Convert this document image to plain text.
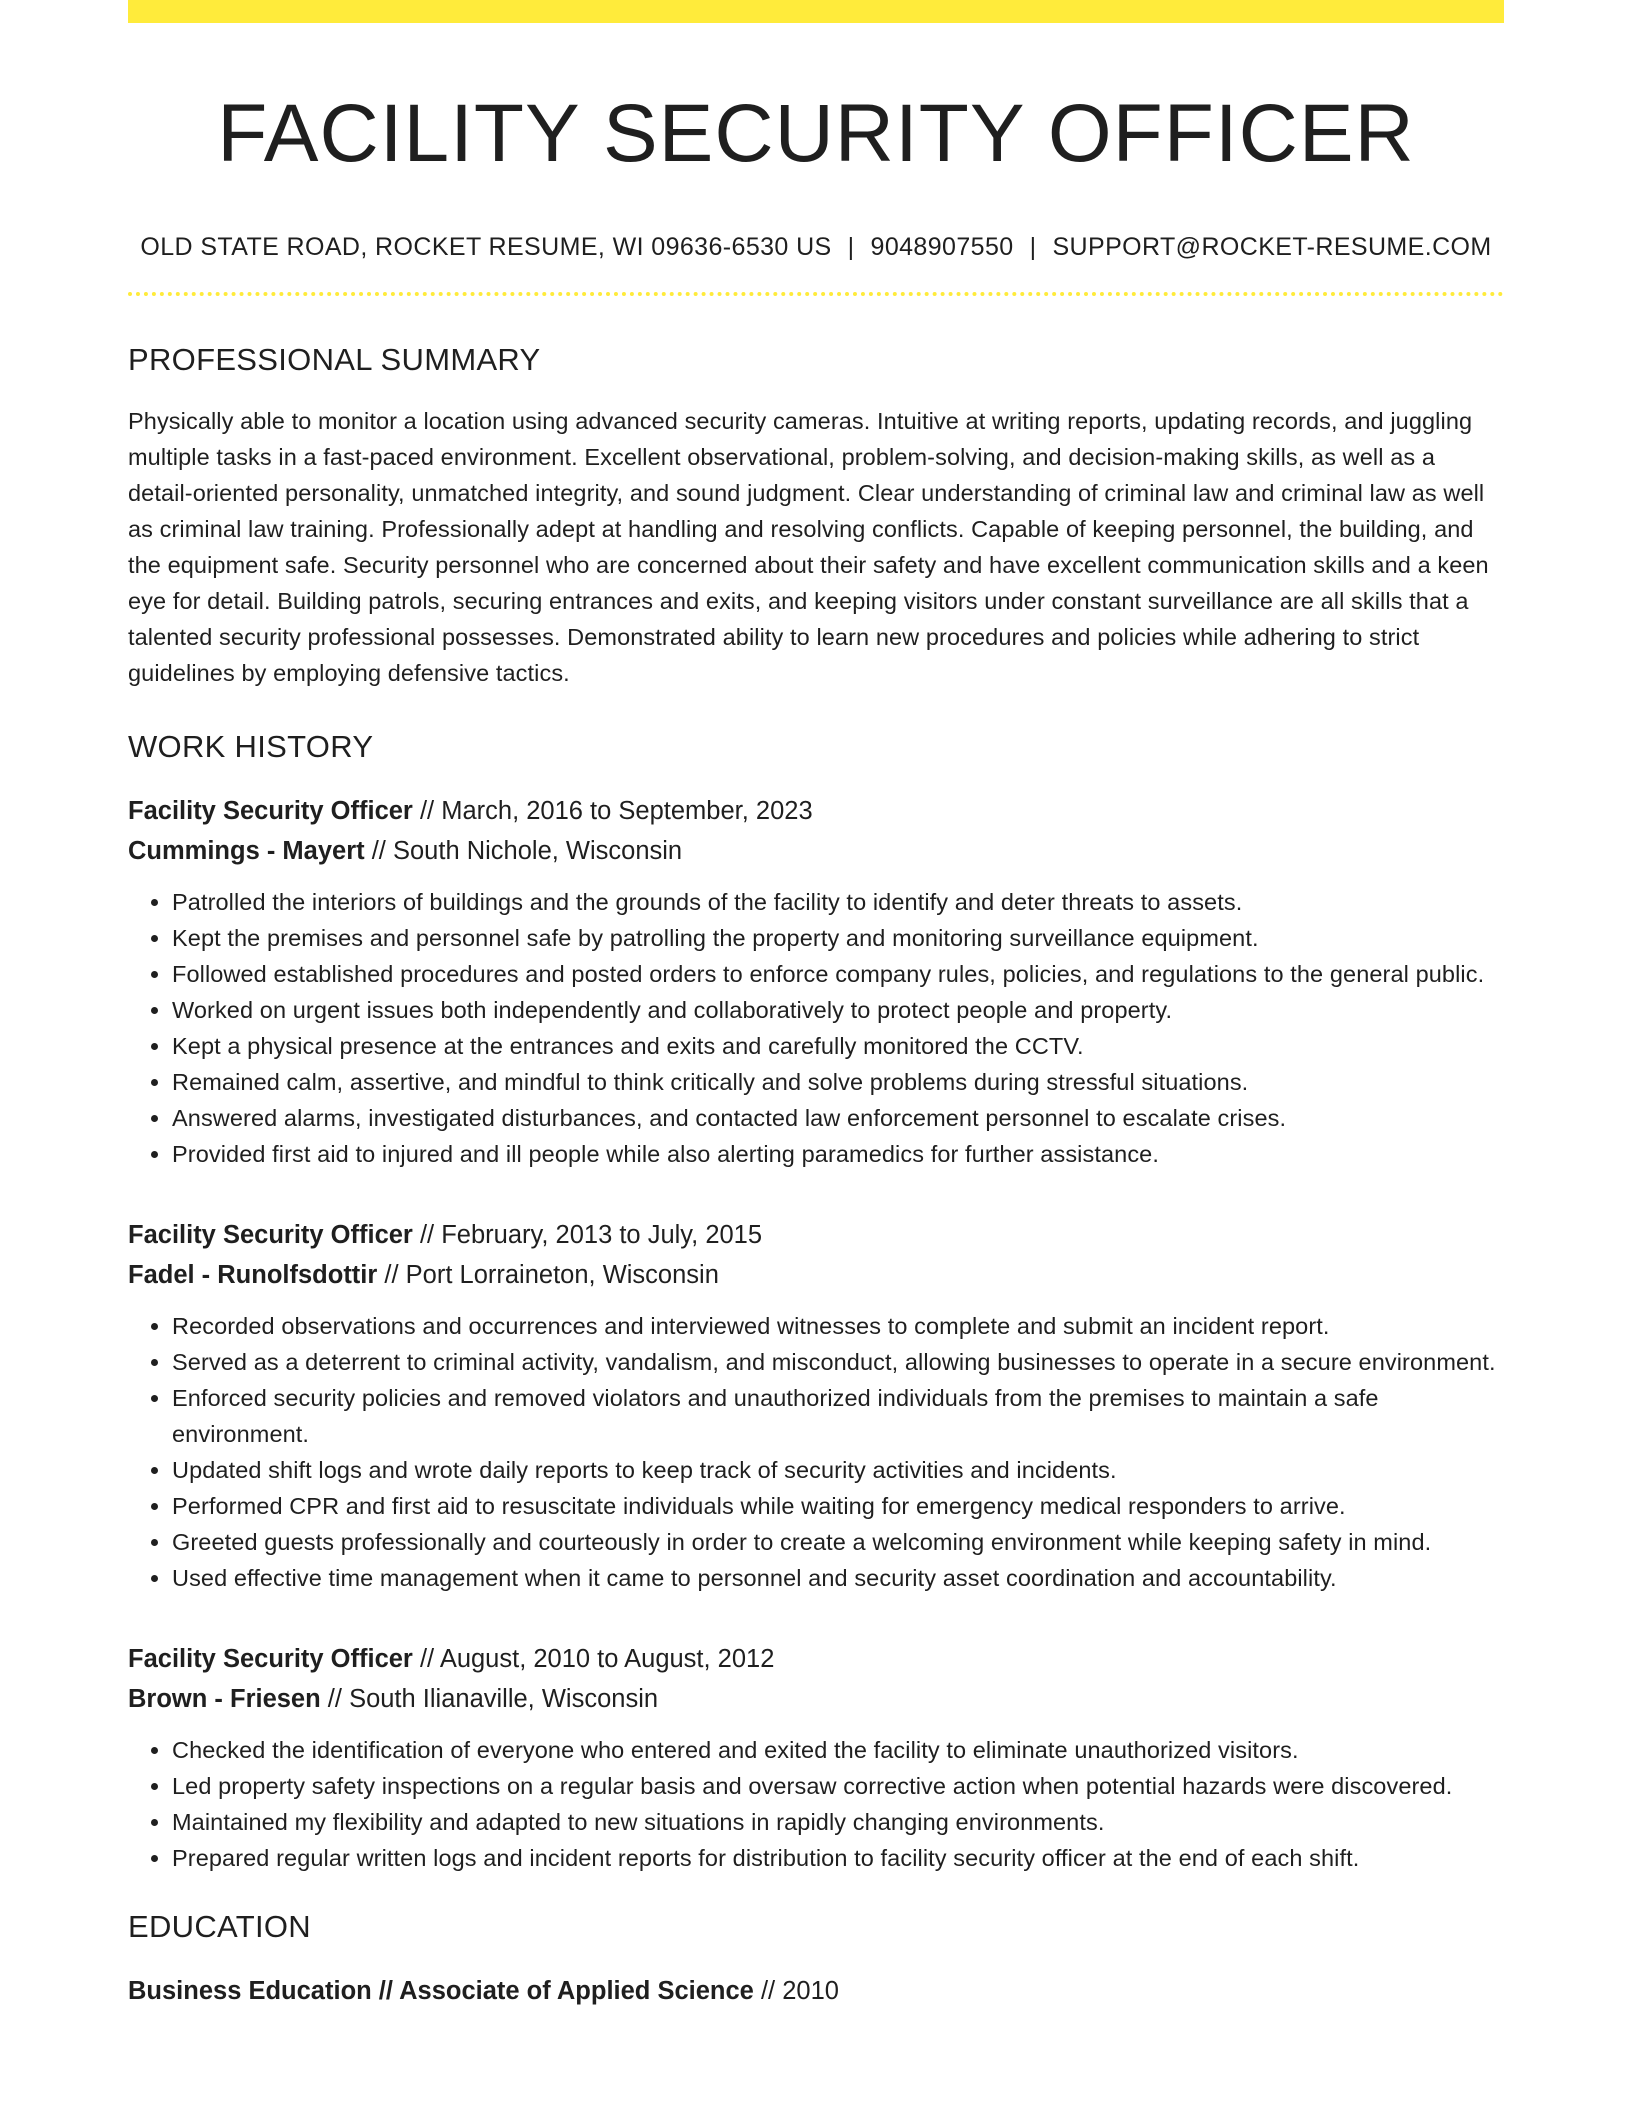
FACILITY SECURITY OFFICER
OLD STATE ROAD, ROCKET RESUME, WI 09636-6530 US | 9048907550 | SUPPORT@ROCKET-RESUME.COM
PROFESSIONAL SUMMARY

Physically able to monitor a location using advanced security cameras. Intuitive at writing reports, updating records, and juggling multiple tasks in a fast-paced environment. Excellent observational, problem-solving, and decision-making skills, as well as a detail-oriented personality, unmatched integrity, and sound judgment. Clear understanding of criminal law and criminal law as well as criminal law training. Professionally adept at handling and resolving conflicts. Capable of keeping personnel, the building, and the equipment safe. Security personnel who are concerned about their safety and have excellent communication skills and a keen eye for detail. Building patrols, securing entrances and exits, and keeping visitors under constant surveillance are all skills that a talented security professional possesses. Demonstrated ability to learn new procedures and policies while adhering to strict guidelines by employing defensive tactics.

WORK HISTORY
Facility Security Officer // March, 2016 to September, 2023
Cummings - Mayert // South Nichole, Wisconsin
• Patrolled the interiors of buildings and the grounds of the facility to identify and deter threats to assets.
• Kept the premises and personnel safe by patrolling the property and monitoring surveillance equipment.
• Followed established procedures and posted orders to enforce company rules, policies, and regulations to the general public.
• Worked on urgent issues both independently and collaboratively to protect people and property.
• Kept a physical presence at the entrances and exits and carefully monitored the CCTV.
• Remained calm, assertive, and mindful to think critically and solve problems during stressful situations.
• Answered alarms, investigated disturbances, and contacted law enforcement personnel to escalate crises.
• Provided first aid to injured and ill people while also alerting paramedics for further assistance.
Facility Security Officer // February, 2013 to July, 2015
Fadel - Runolfsdottir // Port Lorraineton, Wisconsin
• Recorded observations and occurrences and interviewed witnesses to complete and submit an incident report.
• Served as a deterrent to criminal activity, vandalism, and misconduct, allowing businesses to operate in a secure environment.
• Enforced security policies and removed violators and unauthorized individuals from the premises to maintain a safe environment.
• Updated shift logs and wrote daily reports to keep track of security activities and incidents.
• Performed CPR and first aid to resuscitate individuals while waiting for emergency medical responders to arrive.
• Greeted guests professionally and courteously in order to create a welcoming environment while keeping safety in mind.
• Used effective time management when it came to personnel and security asset coordination and accountability.
Facility Security Officer // August, 2010 to August, 2012
Brown - Friesen // South Ilianaville, Wisconsin
• Checked the identification of everyone who entered and exited the facility to eliminate unauthorized visitors.
• Led property safety inspections on a regular basis and oversaw corrective action when potential hazards were discovered.
• Maintained my flexibility and adapted to new situations in rapidly changing environments.
• Prepared regular written logs and incident reports for distribution to facility security officer at the end of each shift.
EDUCATION
Business Education // Associate of Applied Science // 2010
